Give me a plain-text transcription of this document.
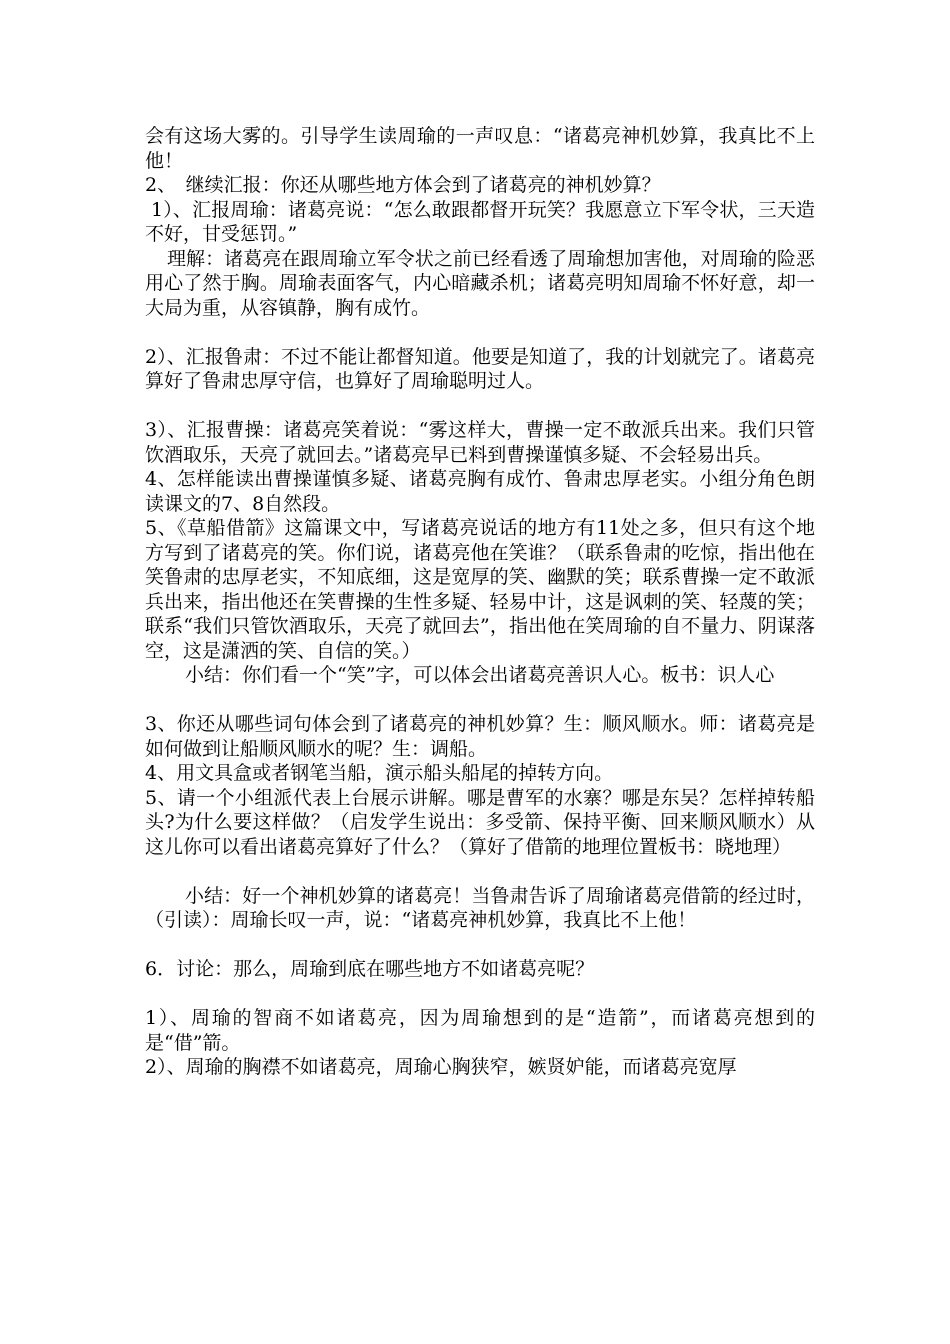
会有这场大雾的。引导学生读周瑜的一声叹息：“诸葛亮神机妙算，我真比不上他！

2、　继续汇报：你还从哪些地方体会到了诸葛亮的神机妙算？

1）、汇报周瑜：诸葛亮说：“怎么敢跟都督开玩笑？我愿意立下军令状，三天造不好，甘受惩罚。”

理解：诸葛亮在跟周瑜立军令状之前已经看透了周瑜想加害他，对周瑜的险恶用心了然于胸。周瑜表面客气，内心暗藏杀机；诸葛亮明知周瑜不怀好意，却一大局为重，从容镇静，胸有成竹。

2）、汇报鲁肃：不过不能让都督知道。他要是知道了，我的计划就完了。诸葛亮算好了鲁肃忠厚守信，也算好了周瑜聪明过人。

3）、汇报曹操：诸葛亮笑着说：“雾这样大，曹操一定不敢派兵出来。我们只管饮酒取乐，天亮了就回去。”诸葛亮早已料到曹操谨慎多疑、不会轻易出兵。

4、怎样能读出曹操谨慎多疑、诸葛亮胸有成竹、鲁肃忠厚老实。小组分角色朗读课文的7、8自然段。

5、《草船借箭》这篇课文中，写诸葛亮说话的地方有11处之多，但只有这个地方写到了诸葛亮的笑。你们说，诸葛亮他在笑谁？（联系鲁肃的吃惊，指出他在笑鲁肃的忠厚老实，不知底细，这是宽厚的笑、幽默的笑；联系曹操一定不敢派兵出来，指出他还在笑曹操的生性多疑、轻易中计，这是讽刺的笑、轻蔑的笑；联系“我们只管饮酒取乐，天亮了就回去”，指出他在笑周瑜的自不量力、阴谋落空，这是潇洒的笑、自信的笑。）

小结：你们看一个“笑”字，可以体会出诸葛亮善识人心。板书：识人心

3、你还从哪些词句体会到了诸葛亮的神机妙算？生：顺风顺水。师：诸葛亮是如何做到让船顺风顺水的呢？生：调船。

4、用文具盒或者钢笔当船，演示船头船尾的掉转方向。

5、请一个小组派代表上台展示讲解。哪是曹军的水寨？哪是东吴？怎样掉转船头?为什么要这样做？（启发学生说出：多受箭、保持平衡、回来顺风顺水）从这儿你可以看出诸葛亮算好了什么？（算好了借箭的地理位置板书：晓地理）

小结：好一个神机妙算的诸葛亮！当鲁肃告诉了周瑜诸葛亮借箭的经过时，（引读）：周瑜长叹一声，说：“诸葛亮神机妙算，我真比不上他！

6．讨论：那么，周瑜到底在哪些地方不如诸葛亮呢？

1）、周瑜的智商不如诸葛亮，因为周瑜想到的是“造箭”，而诸葛亮想到的是“借”箭。

2）、周瑜的胸襟不如诸葛亮，周瑜心胸狭窄，嫉贤妒能，而诸葛亮宽厚
